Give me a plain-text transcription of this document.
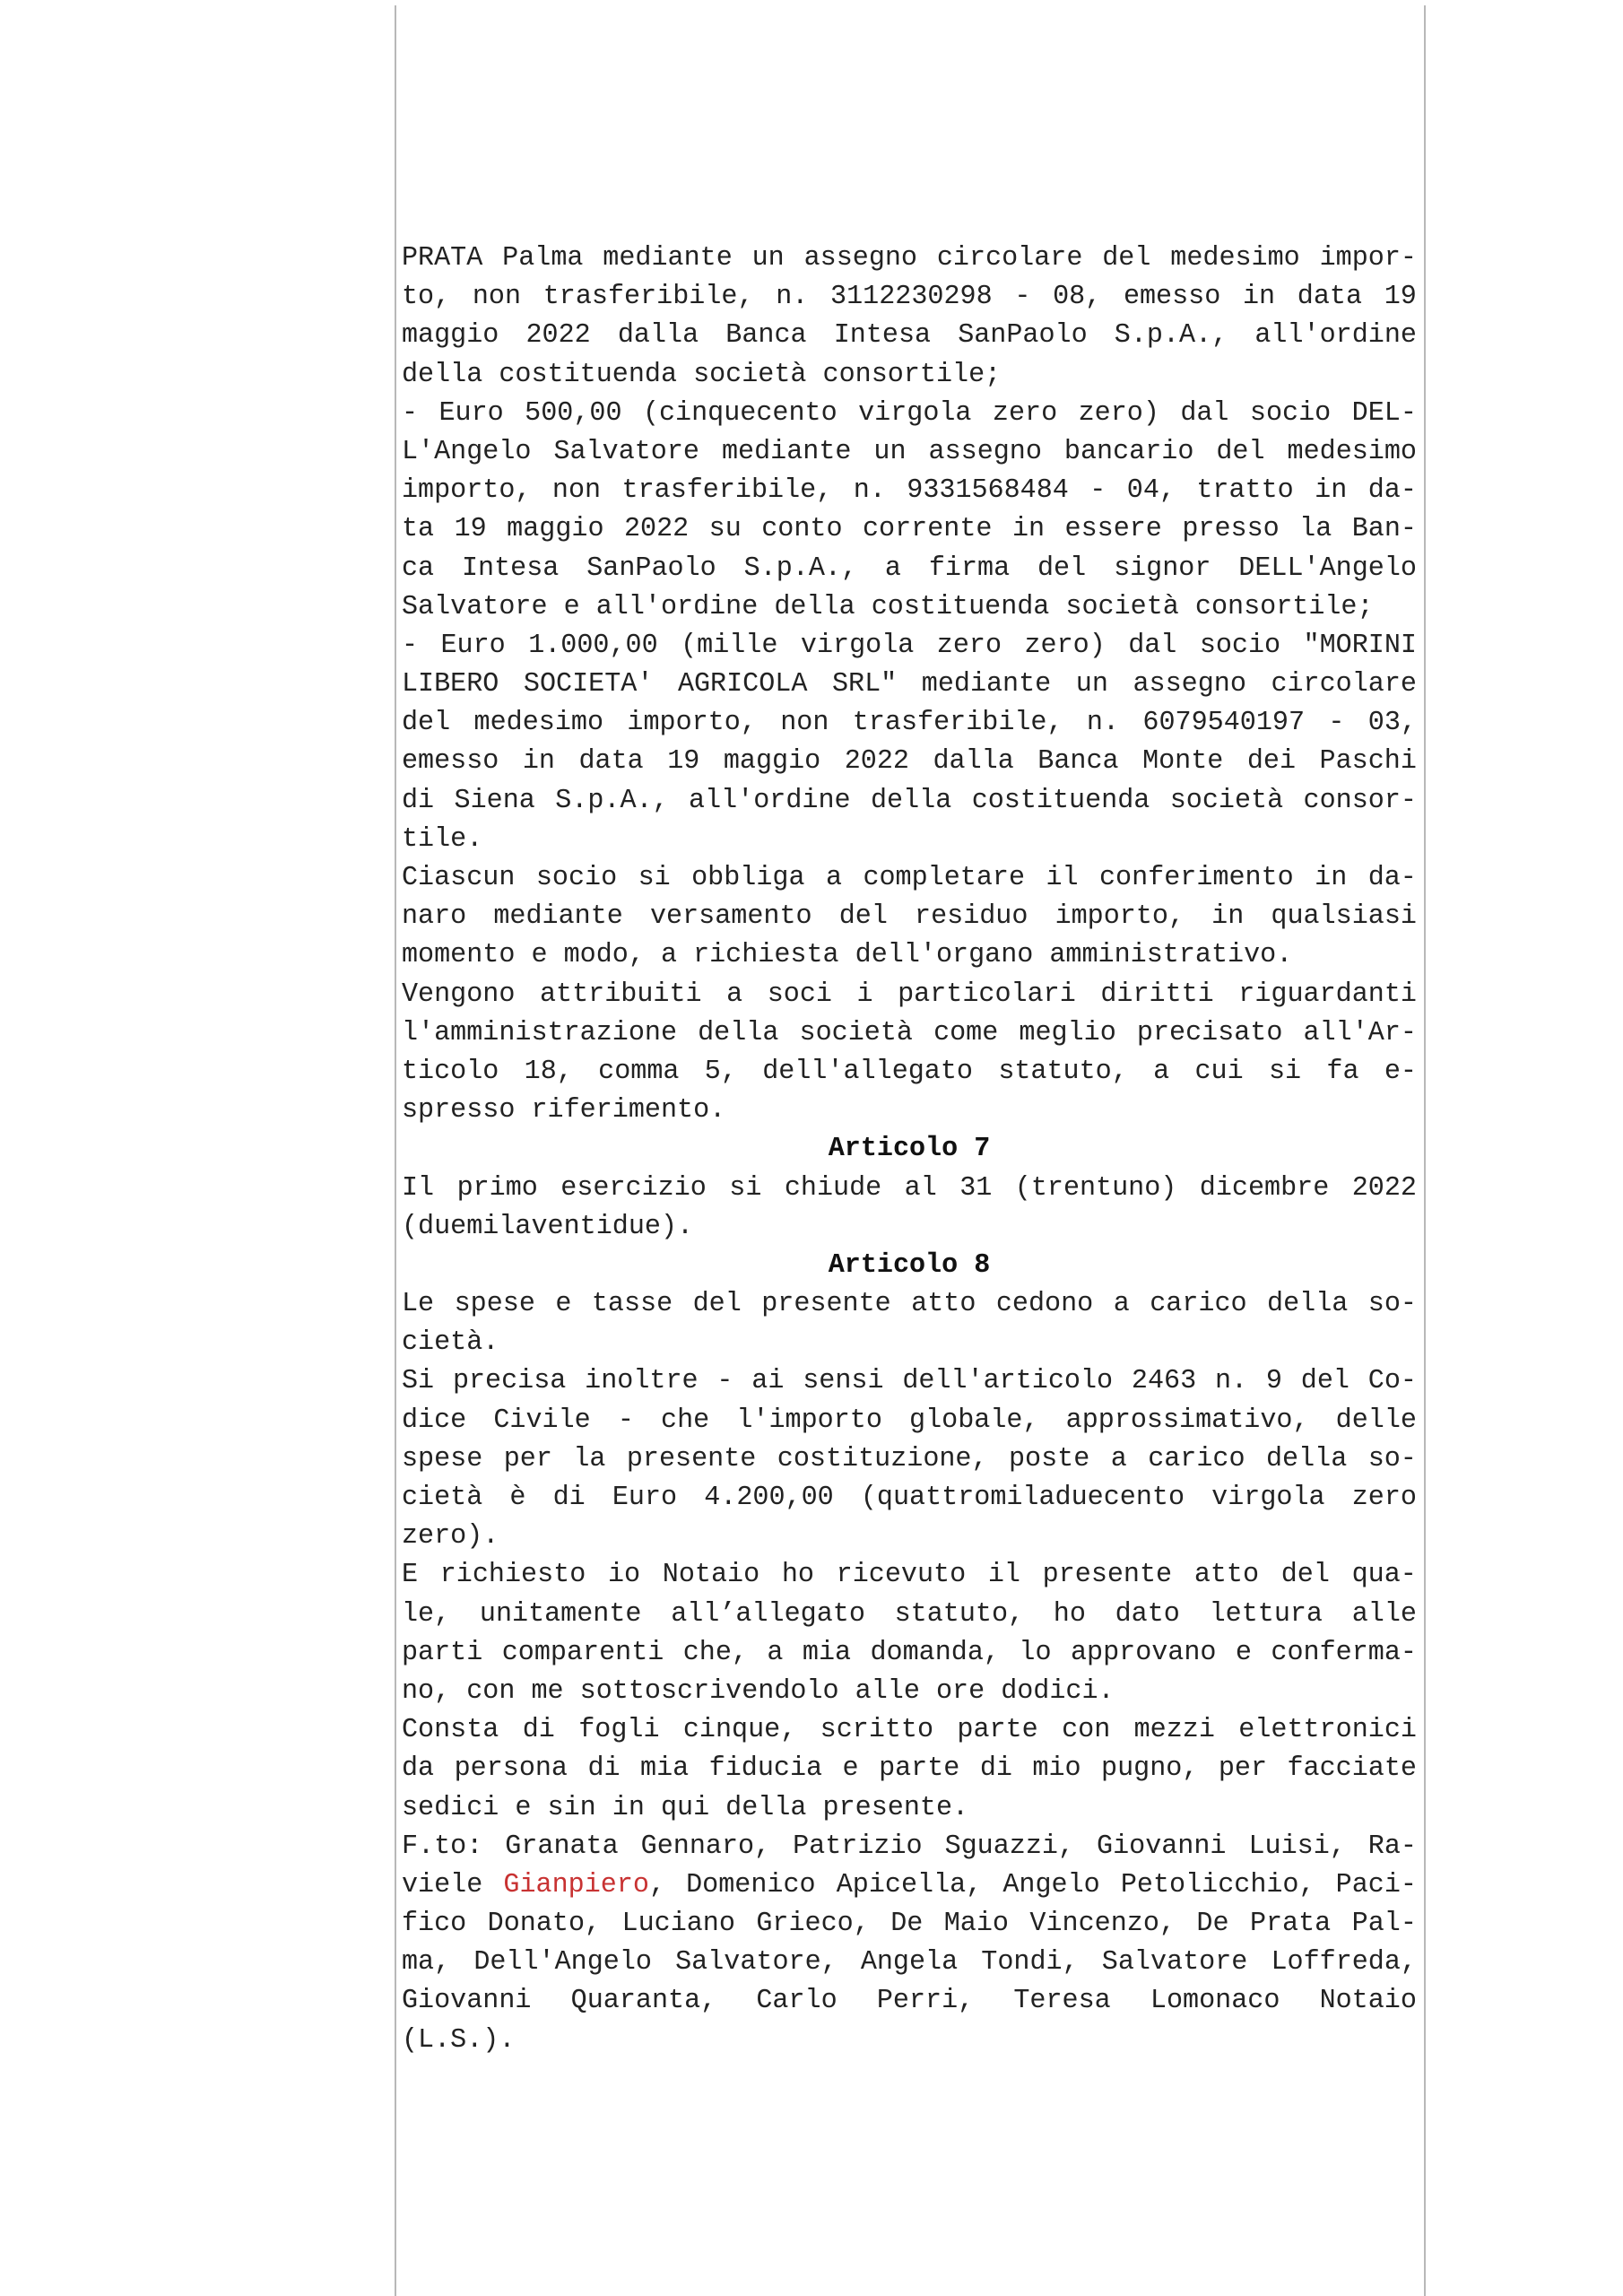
PRATA Palma mediante un assegno circolare del medesimo impor-
to, non trasferibile, n. 3112230298 - 08, emesso in data 19
maggio 2022 dalla Banca Intesa SanPaolo S.p.A., all'ordine
della costituenda società consortile;
- Euro 500,00 (cinquecento virgola zero zero) dal socio DEL-
L'Angelo Salvatore mediante un assegno bancario del medesimo
importo, non trasferibile, n. 9331568484 - 04, tratto in da-
ta 19 maggio 2022 su conto corrente in essere presso la Ban-
ca Intesa SanPaolo S.p.A., a firma del signor DELL'Angelo
Salvatore e all'ordine della costituenda società consortile;
- Euro 1.000,00 (mille virgola zero zero) dal socio "MORINI
LIBERO SOCIETA' AGRICOLA SRL" mediante un assegno circolare
del medesimo importo, non trasferibile, n. 6079540197 - 03,
emesso in data 19 maggio 2022 dalla Banca Monte dei Paschi
di Siena S.p.A., all'ordine della costituenda società consor-
tile.
Ciascun socio si obbliga a completare il conferimento in da-
naro mediante versamento del residuo importo, in qualsiasi
momento e modo, a richiesta dell'organo amministrativo.
Vengono attribuiti a soci i particolari diritti riguardanti
l'amministrazione della società come meglio precisato all'Ar-
ticolo 18, comma 5, dell'allegato statuto, a cui si fa e-
spresso riferimento.
Articolo 7
Il primo esercizio si chiude al 31 (trentuno) dicembre 2022
(duemilaventidue).
Articolo 8
Le spese e tasse del presente atto cedono a carico della so-
cietà.
Si precisa inoltre - ai sensi dell'articolo 2463 n. 9 del Co-
dice Civile - che l'importo globale, approssimativo, delle
spese per la presente costituzione, poste a carico della so-
cietà è di Euro 4.200,00 (quattromiladuecento virgola zero
zero).
E richiesto io Notaio ho ricevuto il presente atto del qua-
le, unitamente all’allegato statuto, ho dato lettura alle
parti comparenti che, a mia domanda, lo approvano e conferma-
no, con me sottoscrivendolo alle ore dodici.
Consta di fogli cinque, scritto parte con mezzi elettronici
da persona di mia fiducia e parte di mio pugno, per facciate
sedici e sin in qui della presente.
F.to: Granata Gennaro, Patrizio Sguazzi, Giovanni Luisi, Ra-
viele Gianpiero, Domenico Apicella, Angelo Petolicchio, Paci-
fico Donato, Luciano Grieco, De Maio Vincenzo, De Prata Pal-
ma, Dell'Angelo Salvatore, Angela Tondi, Salvatore Loffreda,
Giovanni Quaranta, Carlo Perri, Teresa Lomonaco Notaio
(L.S.).
